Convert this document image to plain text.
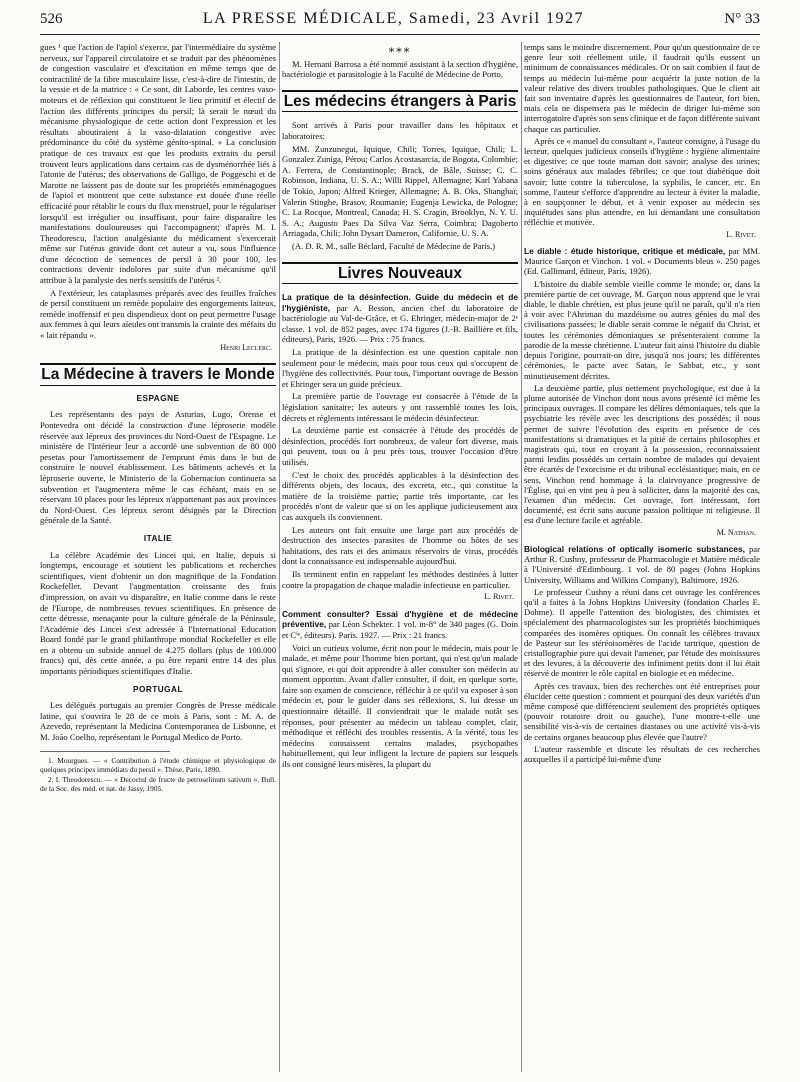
526	LA PRESSE MÉDICALE, Samedi, 23 Avril 1927	N° 33

gues ¹ que l'action de l'apiol s'exerce, par l'intermédiaire du système nerveux, sur l'appareil circulatoire et se traduit par des phénomènes de congestion vasculaire et d'excitation en même temps que de contractilité de la fibre musculaire lisse, c'est-à-dire de l'intestin, de la vessie et de la matrice : « Ce sont, dit Laborde, les centres vaso-moteurs et de réflexion qui constituent le lieu primitif et électif de l'action des différents principes du persil; là serait le nœud du mécanisme physiologique de cette action dont l'expression et les résultats aboutiraient à la vaso-dilatation congestive avec prédominance du côté du système génito-spinal. » La conclusion pratique de ces travaux est que les produits extraits du persil trouvent leurs applications dans certains cas de dysménorrhée liés à l'atonie de l'utérus; des observations de Galligo, de Poggeschi et de Marotte ne laissent pas de doute sur les propriétés emménagogues de l'apiol et montrent que cette substance est douée d'une réelle efficacité pour rétablir le cours du flux menstruel, pour le régulariser lorsqu'il est irrégulier ou insuffisant, pour faire disparaître les manifestations douloureuses qui l'accompagnent; d'après M. I. Theodorescu, l'action analgésiante du médicament s'exercerait même sur l'utérus gravide dont cet auteur a vu, sous l'influence d'une décoction de semences de persil à 30 pour 100, les contractions devenir indolores par suite d'un mécanisme qu'il attribue à la paralysie des nerfs sensitifs de l'utérus ².

A l'extérieur, les cataplasmes préparés avec des feuilles fraîches de persil constituent un remède populaire des engorgements laiteux, remède inoffensif et peu dispendieux dont on peut permettre l'usage aux femmes à qui leurs aïeules ont transmis la crainte des méfaits du « lait répandu ».

Henri Leclerc.
La Médecine à travers le Monde
ESPAGNE

Les représentants des pays de Asturias, Lugo, Orense et Pontevedra ont décidé la construction d'une léproserie modèle réservée aux lépreux des provinces du Nord-Ouest de l'Espagne. Le ministère de l'Intérieur leur a accordé une subvention de 80 000 pesetas pour l'amortissement de l'emprunt émis dans le but de construire le nouvel établissement. Les bâtiments achevés et la léproserie ouverte, le Ministerio de la Gobernacion continuera sa subvention et l'augmentera même le cas échéant, mais en se réservant 10 places pour les lépreux n'appartenant pas aux provinces du Nord-Ouest. Ces lépreux seront désignés par la Direction générale de la Santé.

ITALIE

La célèbre Académie des Lincei qui, en Italie, depuis si longtemps, encourage et soutient les publications et recherches scientifiques, vient d'obtenir un don magnifique de la Fondation Rockefeller. Devant l'augmentation croissante des frais d'impression, on avait vu disparaître, en Italie comme dans le reste de l'Europe, de nombreuses revues scientifiques. En présence de cette détresse, menaçante pour la culture générale de la Péninsule, l'Académie des Lincei s'est adressée à l'International Education Board fondé par le grand philanthrope mondial Rockefeller et elle en a obtenu un subside annuel de 4.275 dollars (plus de 100.000 francs) qui, dès cette année, a pu être reparti entre 14 des plus importants périodiques scientifiques d'Italie.

PORTUGAL

Les délégués portugais au premier Congrès de Presse médicale latine, qui s'ouvrira le 28 de ce mois à Paris, sont : M. A. de Azevedo, représentant la Medicina Contemporanea de Lisbonne, et M. João Coelho, représentant le Portugal Medico de Porto.

1. Mourgues. — « Contribution à l'étude chimique et physiologique de quelques principes immédiats du persil ». Thèse, Paris, 1890.
2. I. Theodorescu. — « Decoctul de fructe de petroselinum sativum ». Bull. de la Soc. des méd. et nat. de Jassy, 1905.
⁎⁎⁎

M. Hernani Barrosa a été nommé assistant à la section d'hygiène, bactériologie et parasitologie à la Faculté de Médecine de Porto.

Les médecins étrangers à Paris

Sont arrivés à Paris pour travailler dans les hôpitaux et laboratoires:

MM. Zunzunegui, Iquique, Chili; Torres, Iquique, Chili; L. Gonzalez Zuniga, Pérou; Carlos Acostasarcia, de Bogota, Colombie; A. Ferrera, de Constantinople; Brack, de Bâle, Suisse; C. C. Robinson, Indiana, U. S. A.; Willi Rippel, Allemagne; Karl Yabana de Tokio, Japon; Alfred Krieger, Allemagne; A. B. Oks, Shanghaï; Valerin Stinghe, Brasov, Roumanie; Eugenja Lewicka, de Pologne; C. La Rocque, Montreal, Canada; H. S. Cragin, Brooklyn, N. Y. U. S. A.; Augusto Paes Da Silva Vaz Serra, Coimbra; Dagoberto Arriagada, Chili; John Dysart Dameron, Californie, U. S. A.

(A. D. R. M., salle Béclard, Faculté de Médecine de Paris.)

Livres Nouveaux

La pratique de la désinfection. Guide du médecin et de l'hygiéniste, par A. Besson, ancien chef du laboratoire de bactériologie au Val-de-Grâce, et G. Ehringer, médecin-major de 2ᵉ classe. 1 vol. de 852 pages, avec 174 figures (J.-B. Baillière et fils, éditeurs), Paris, 1926. — Prix : 75 francs.

La pratique de la désinfection est une question capitale non seulement pour le médecin, mais pour tous ceux qui s'occupent de l'hygiène des collectivités. Pour tous, l'important ouvrage de Besson et Ehringer sera un guide précieux.

La première partie de l'ouvrage est consacrée à l'étude de la législation sanitaire; les auteurs y ont rassemblé toutes les lois, décrets et règlements intéressant le médecin désinfecteur.

La deuxième partie est consacrée à l'étude des procédés de désinfection, procédés fort nombreux, de valeur fort diverse, mais qui peuvent, tous ou à peu près tous, trouver l'occasion d'être utilisés.

C'est le choix des procédés applicables à la désinfection des différents objets, des locaux, des excreta, etc., qui constitue la matière de la troisième partie; partie très importante, car les procédés n'ont de valeur que si on les applique judicieusement aux cas auxquels ils conviennent.

Les auteurs ont fait ensuite une large part aux procédés de destruction des insectes parasites de l'homme ou hôtes de ses habitations, des rats et des animaux réservoirs de virus, procédés dont la connaissance est indispensable aujourd'hui.

Ils terminent enfin en rappelant les méthodes destinées à lutter contre la propagation de chaque maladie infectieuse en particulier.

L. Rivet.

Comment consulter? Essai d'hygiène et de médecine préventive, par Léon Schekter. 1 vol. in-8° de 340 pages (G. Doin et Cⁱᵉ, éditeurs). Paris. 1927. — Prix : 21 francs.

Voici un curieux volume, écrit non pour le médecin, mais pour le malade, et même pour l'homme bien portant, qui n'est qu'un malade qui s'ignore, et qui doit apprendre à aller consulter son médecin au moment opportun. Avant d'aller consulter, il doit, en quelque sorte, faire son examen de conscience, réfléchir à ce qu'il va exposer à son médecin et, pour le guider dans ses réflexions, S. lui dresse un questionnaire détaillé. Il conviendrait que le malade notât ses réponses, pour présenter au médecin un tableau complet, clair, méthodique et réfléchi des troubles ressentis. A la vérité, tous les médecins connaissent certains malades, psychopathes habituellement, qui leur infligent la lecture de papiers sur lesquels ils ont consigné leurs misères, la plupart du

temps sans le moindre discernement. Pour qu'un questionnaire de ce genre leur soit réellement utile, il faudrait qu'ils eussent un minimum de connaissances médicales. Or on sait combien il faut de temps au médecin lui-même pour acquérir la juste notion de la valeur relative des divers troubles pathologiques. Que le client ait fait son inventaire d'après les questionnaires de l'auteur, fort bien, mais cela ne dispensera pas le médecin de diriger lui-même son interrogatoire d'après son sens clinique et de façon différente suivant chaque cas particulier.

Après ce « manuel du consultant », l'auteur consigne, à l'usage du lecteur, quelques judicieux conseils d'hygiène : hygiène alimentaire et digestive; ce que toute maman doit savoir; analyse des urines; soins généraux aux malades fébriles; ce que tout diabétique doit savoir; lutte contre la tuberculose, la syphilis, le cancer, etc. En somme, l'auteur s'efforce d'apprendre au lecteur à éviter la maladie, à en soupçonner le début, et à venir exposer au médecin ses inquiétudes sans plus attendre, en lui demandant une consultation réfléchie et motivée.

L. Rivet.

Le diable : étude historique, critique et médicale, par MM. Maurice Garçon et Vinchon. 1 vol. « Documents bleus ». 250 pages (Ed. Gallimard, éditeur, Paris, 1926).

L'histoire du diable semble vieille comme le monde; or, dans la première partie de cet ouvrage, M. Garçon nous apprend que le vrai diable, le diable chrétien, est plus jeune qu'il ne paraît, qu'il n'a rien à voir avec l'Ahriman du mazdéisme ou autres génies du mal des civilisations passées; le diable serait comme le négatif du Christ, et toutes les cérémonies démoniaques se présenteraient comme la parodie de la messe chrétienne. L'auteur fait ainsi l'histoire du diable depuis l'origine, pourrait-on dire, jusqu'à nos jours; les différentes cérémonies, le pacte avec Satan, le Sabbat, etc., y sont minutieusement décrites.

La deuxième partie, plus nettement psychologique, est due à la plume autorisée de Vinchon dont nous avons présenté ici même les principaux ouvrages. Il compare les délires démoniaques, tels que la psychiatrie les révèle avec les descriptions des possédés; il nous permet de suivre l'évolution des esprits en présence de ces manifestations si dramatiques et la pitié de certains philosophes et magistrats qui, tout en croyant à la possession, reconnaissaient parmi lesdits possédés un certain nombre de malades qui devaient être écartés de l'exorcisme et du tribunal ecclésiastique; mais, en ce sens, Vinchon rend hommage à la clairvoyance progressive de l'Église, qui en vint peu à peu à solliciter, dans la majorité des cas, l'examen d'un médecin. Cet ouvrage, fort intéressant, fort documenté, est écrit sans aucune passion politique ni religieuse. Il est d'une lecture facile et agréable.

M. Nathan.

Biological relations of optically isomeric substances, par Arthur R. Cushny, professeur de Pharmacologie et Matière médicale à l'Université d'Edimbourg. 1 vol. de 80 pages (Johns Hopkins University, Williams and Wilkins Company), Baltimore, 1926.

Le professeur Cushny a réuni dans cet ouvrage les conférences qu'il a faites à la Johns Hopkins University (fondation Charles E. Dohme). Il appelle l'attention des biologistes, des chimistes et spécialement des pharmacologistes sur les propriétés biochimiques comparées des isomères optiques. On connaît les célèbres travaux de Pasteur sur les stéréoisomères de l'acide tartrique, question de cristallographie pure qui devait l'amener, par l'étude des moisissures et des levures, à la découverte des infiniment petits dont il lui était réservé de montrer le rôle capital en biologie et en médecine.

Après ces travaux, bien des recherches ont été entreprises pour élucider cette question : comment et pourquoi des deux variétés d'un même composé que différencient seulement des propriétés optiques (pouvoir rotatoire droit ou gauche), l'une montre-t-elle une sensibilité vis-à-vis de certaines diastases ou une activité vis-à-vis de certains organes beaucoup plus élevée que l'autre?

L'auteur rassemble et discute les résultats de ces recherches auxquelles il a participé lui-même d'une
